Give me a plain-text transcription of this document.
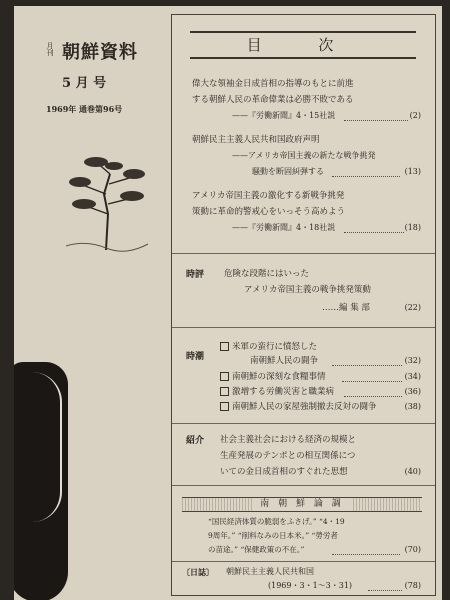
月刊 朝鮮資料
5 月 号
1969年 通巻第96号
目 次
偉大な領袖金日成首相の指導のもとに前進
する朝鮮人民の革命偉業は必勝不敗である
——『労働新聞』4・15社説	(2)
朝鮮民主主義人民共和国政府声明
——アメリカ帝国主義の新たな戦争挑発
騒動を断固糾弾する	(13)
アメリカ帝国主義の激化する新戦争挑発
策動に革命的警戒心をいっそう高めよう
——『労働新聞』4・18社説	(18)
時評 危険な段階にはいった
アメリカ帝国主義の戦争挑発策動
……編 集 部	(22)
時潮
米軍の蛮行に憤怒した
南朝鮮人民の闘争	(32)
南朝鮮の深刻な食糧事情	(34)
激増する労働災害と職業病	(36)
南朝鮮人民の家屋強制撤去反対の闘争	(38)
紹介 社会主義社会における経済の規模と
生産発展のテンポとの相互関係につ
いての金日成首相のすぐれた思想	(40)
南 朝 鮮 論 調
“国民経済体質の脆弱をふさげ。” “4・19
9周年。” “削料なみの日本米。” “勞労者
の苗途。” “保健政策の不在。”	(70)
〔日誌〕 朝鮮民主主義人民共和国
(1969・3・1〜3・31)	(78)
